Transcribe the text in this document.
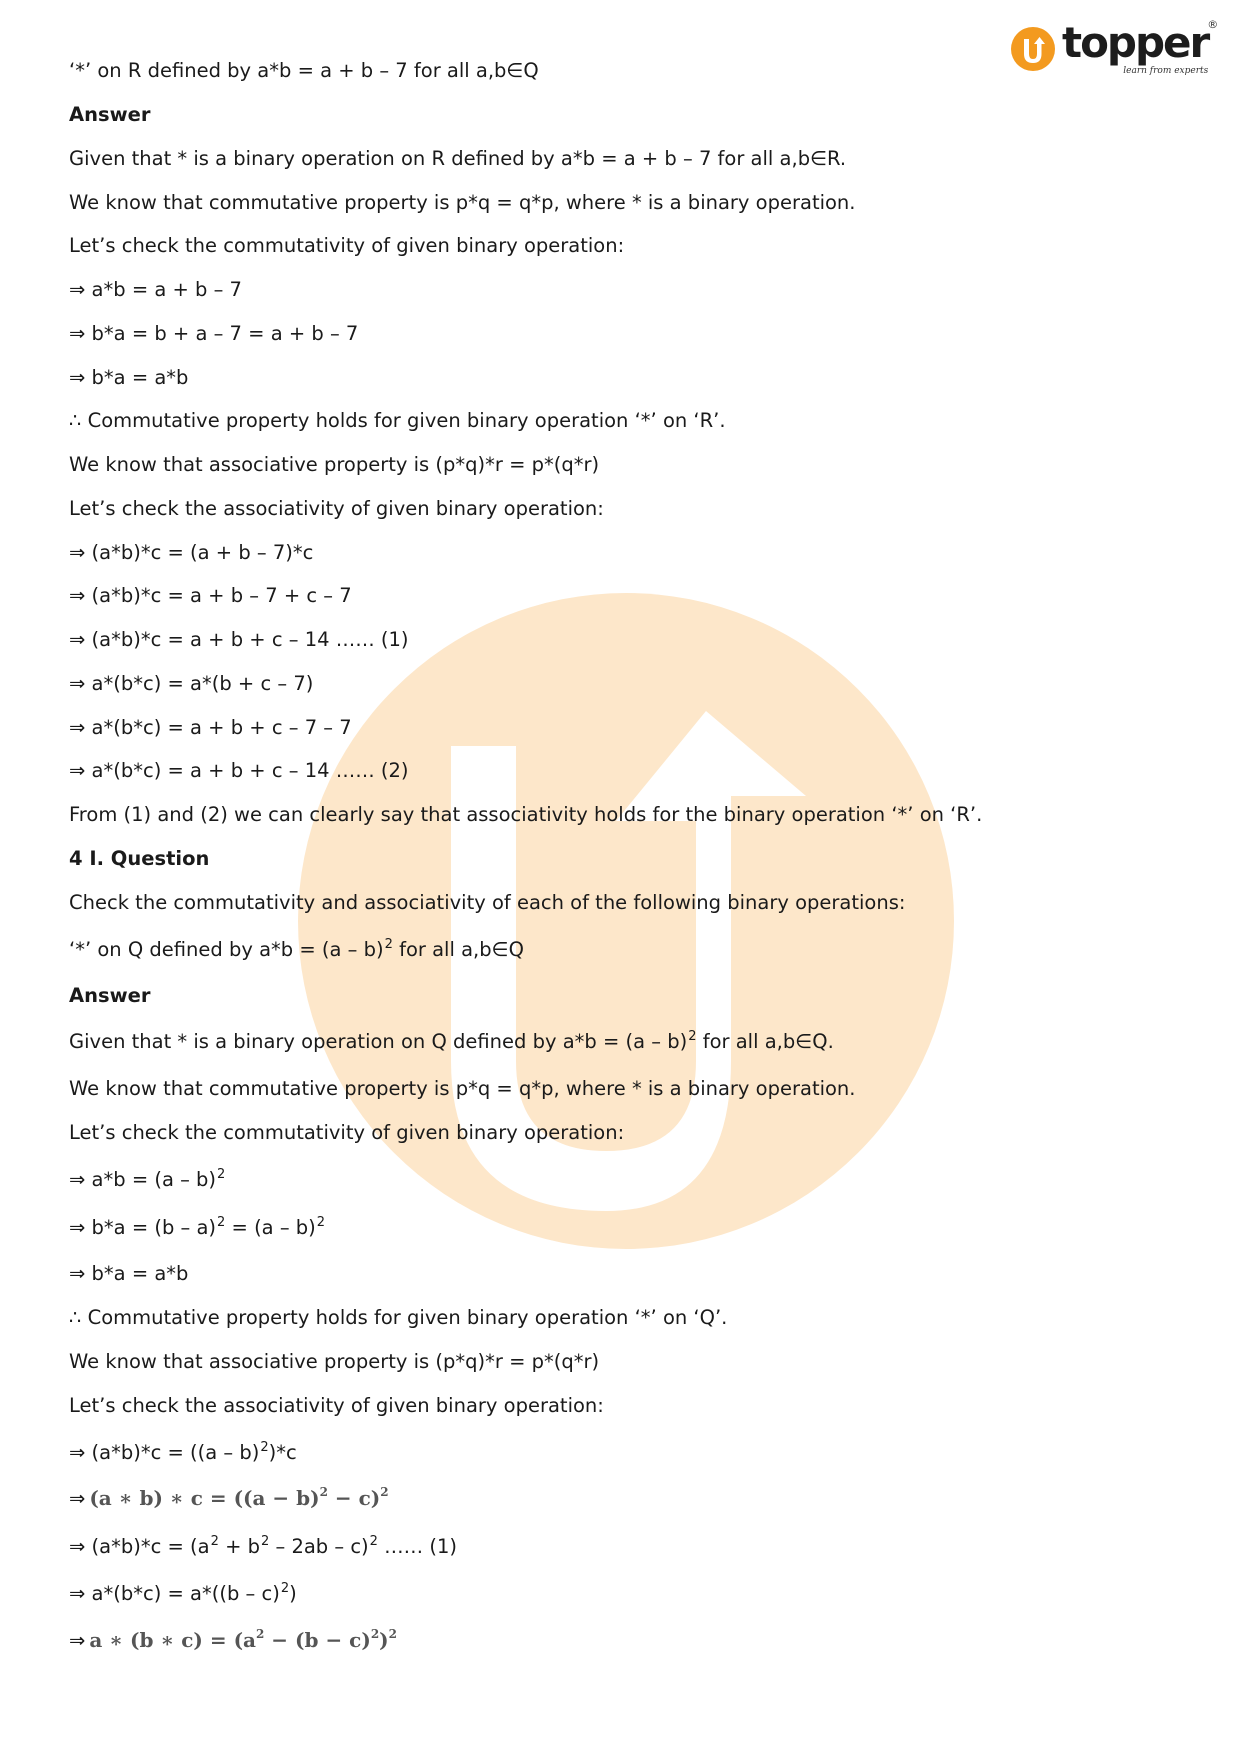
topper
learn from experts
®
‘*’ on R defined by a*b = a + b – 7 for all a,b∈Q
Answer
Given that * is a binary operation on R defined by a*b = a + b – 7 for all a,b∈R.
We know that commutative property is p*q = q*p, where * is a binary operation.
Let’s check the commutativity of given binary operation:
⇒ a*b = a + b – 7
⇒ b*a = b + a – 7 = a + b – 7
⇒ b*a = a*b
∴ Commutative property holds for given binary operation ‘*’ on ‘R’.
We know that associative property is (p*q)*r = p*(q*r)
Let’s check the associativity of given binary operation:
⇒ (a*b)*c = (a + b – 7)*c
⇒ (a*b)*c = a + b – 7 + c – 7
⇒ (a*b)*c = a + b + c – 14 …… (1)
⇒ a*(b*c) = a*(b + c – 7)
⇒ a*(b*c) = a + b + c – 7 – 7
⇒ a*(b*c) = a + b + c – 14 …… (2)
From (1) and (2) we can clearly say that associativity holds for the binary operation ‘*’ on ‘R’.
4 I. Question
Check the commutativity and associativity of each of the following binary operations:
‘*’ on Q defined by a*b = (a – b)$^2$ for all a,b∈Q
Answer
Given that * is a binary operation on Q defined by a*b = (a – b)$^2$ for all a,b∈Q.
We know that commutative property is p*q = q*p, where * is a binary operation.
Let’s check the commutativity of given binary operation:
⇒ a*b = (a – b)$^2$
⇒ b*a = (b – a)$^2$ = (a – b)$^2$
⇒ b*a = a*b
∴ Commutative property holds for given binary operation ‘*’ on ‘Q’.
We know that associative property is (p*q)*r = p*(q*r)
Let’s check the associativity of given binary operation:
⇒ (a*b)*c = ((a – b)$^2$)*c
⇒ (a ∗ b) ∗ $c = ((a - b)^2 - c)^2$
⇒ $(a*b)*c = (a^2 + b^2 - 2ab - c)^2$ …… (1)
⇒ a*(b*c) = a*((b – c)$^2$)
⇒ a ∗ (b ∗ $c) = (a^2 - (b - c)^2)^2$
